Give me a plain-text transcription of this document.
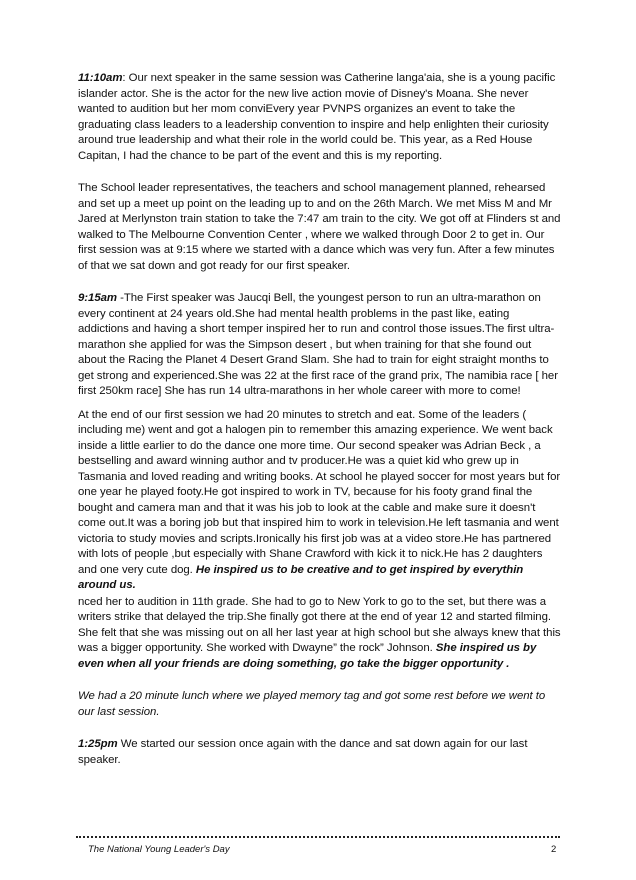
11:10am: Our next speaker in the same session was Catherine langa'aia, she is a young pacific islander actor. She is the actor for the new live action movie of Disney's Moana. She never wanted to audition but her mom conviEvery year PVNPS organizes an event to take the graduating class leaders to a leadership convention to inspire and help enlighten their curiosity around true leadership and what their role in the world could be. This year, as a Red House Capitan, I had the chance to be part of the event and this is my reporting.

The School leader representatives, the teachers and school management planned, rehearsed and set up a meet up point on the leading up to and on the 26th March. We met Miss M and Mr Jared at Merlynston train station to take the 7:47 am train to the city. We got off at Flinders st and walked to The Melbourne Convention Center , where we walked through Door 2 to get in. Our first session was at 9:15 where we started with a dance which was very fun. After a few minutes of that we sat down and got ready for our first speaker.

9:15am -The First speaker was Jaucqi Bell, the youngest person to run an ultra-marathon on every continent at 24 years old.She had mental health problems in the past like, eating addictions and having a short temper inspired her to run and control those issues.The first ultra-marathon she applied for was the Simpson desert , but when training for that she found out about the Racing the Planet 4 Desert Grand Slam. She had to train for eight straight months to get strong and experienced.She was 22 at the first race of the grand prix, The namibia race [ her first 250km race] She has run 14 ultra-marathons in her whole career with more to come!

At the end of our first session we had 20 minutes to stretch and eat. Some of the leaders ( including me) went and got a halogen pin to remember this amazing experience. We went back inside a little earlier to do the dance one more time. Our second speaker was Adrian Beck , a bestselling and award winning author and tv producer.He was a quiet kid who grew up in Tasmania and loved reading and writing books. At school he played soccer for most years but for one year he played footy.He got inspired to work in TV, because for his footy grand final the bought and camera man and that it was his job to look at the cable and make sure it doesn't come out.It was a boring job but that inspired him to work in television.He left tasmania and went victoria to study movies and scripts.Ironically his first job was at a video store.He has partnered with lots of people ,but especially with Shane Crawford with kick it to nick.He has 2 daughters and one very cute dog. He inspired us to be creative and to get inspired by everythin around us.

nced her to audition in 11th grade. She had to go to New York to go to the set, but there was a writers strike that delayed the trip.She finally got there at the end of year 12 and started filming. She felt that she was missing out on all her last year at high school but she always knew that this was a bigger opportunity. She worked with Dwayne” the rock” Johnson. She inspired us by even when all your friends are doing something, go take the bigger opportunity .

We had a 20 minute lunch where we played memory tag and got some rest before we went to our last session.

1:25pm We started our session once again with the dance and sat down again for our last speaker.

The National Young Leader's Day	2
